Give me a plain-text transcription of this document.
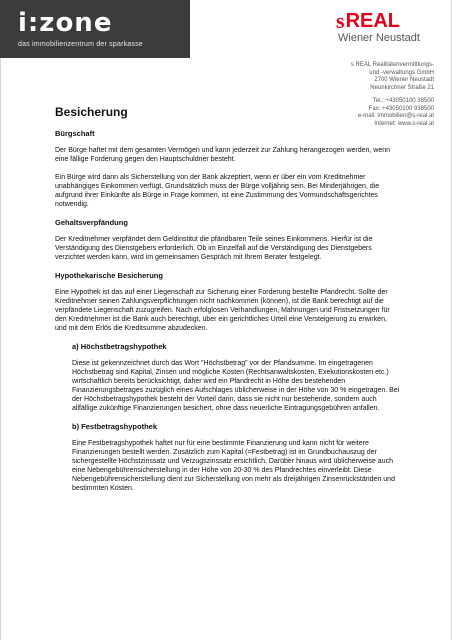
i:zone
das immobilienzentrum der sparkasse
s REAL
Wiener Neustadt
s REAL Realitätenvermittlungs-
und -verwaltungs GmbH
2700 Wiener Neustadt
Neunkirchner Straße 21
Tel.: +43050100 38500
Fax: +43050100 938500
e-mail: immobilien@s-real.at
Internet: www.s-real.at
Besicherung
Bürgschaft
Der Bürge haftet mit dem gesamten Vermögen und kann jederzeit zur Zahlung herangezogen werden, wenn eine fällige Forderung gegen den Hauptschuldner besteht.
Ein Bürge wird dann als Sicherstellung von der Bank akzeptiert, wenn er über ein vom Kreditnehmer unabhängiges Einkommen verfügt. Grundsätzlich muss der Bürge volljährig sein. Bei Minderjährigen, die aufgrund ihrer Einkünfte als Bürge in Frage kommen, ist eine Zustimmung des Vormundschaftsgerichtes notwendig.
Gehaltsverpfändung
Der Kreditnehmer verpfändet dem Geldinstitut die pfändbaren Teile seines Einkommens. Hierfür ist die Verständigung des Dienstgebers erforderlich. Ob im Einzelfall auf die Verständigung des Dienstgebers verzichtet werden kann, wird im gemeinsamen Gespräch mit Ihrem Berater festgelegt.
Hypothekarische Besicherung
Eine Hypothek ist das auf einer Liegenschaft zur Sicherung einer Forderung bestellte Pfandrecht. Sollte der Kreditnehmer seinen Zahlungsverpflichtungen nicht nachkommen (können), ist die Bank berechtigt auf die verpfändete Liegenschaft zuzugreifen. Nach erfolglosen Verhandlungen, Mahnungen und Fristsetzungen für den Kreditnehmer ist die Bank auch berechtigt, über ein gerichtliches Urteil eine Versteigerung zu erwirken, und mit dem Erlös die Kreditsumme abzudecken.
a) Höchstbetragshypothek
Diese ist gekennzeichnet durch das Wort "Höchstbetrag" vor der Pfandsumme. Im eingetragenen Höchstbetrag sind Kapital, Zinsen und mögliche Kosten (Rechtsanwaltskosten, Exekutionskosten etc.) wirtschaftlich bereits berücksichtigt, daher wird ein Pfandrecht in Höhe des bestehenden Finanzierungsbetrages zuzüglich eines Aufschlages üblicherweise in der Höhe von 30 % eingetragen. Bei der Höchstbetragshypothek besteht der Vorteil darin, dass sie nicht nur bestehende, sondern auch allfällige zukünftige Finanzierungen besichert, ohne dass neuerliche Eintragungsgebühren anfallen.
b) Festbetragshypothek
Eine Festbetragshypothek haftet nur für eine bestimmte Finanzierung und kann nicht für weitere Finanzierungen bestellt werden. Zusätzlich zum Kapital (=Festbetrag) ist im Grundbuchauszug der sichergestellte Höchstzinssatz und Verzugszinssatz ersichtlich. Darüber hinaus wird üblicherweise auch eine Nebengebührensicherstellung in der Höhe von 20-30 % des Pfandrechtes einverleibt. Diese Nebengebührensicherstellung dient zur Sicherstellung von mehr als dreijährigen Zinsenrückständen und bestimmten Kosten.
